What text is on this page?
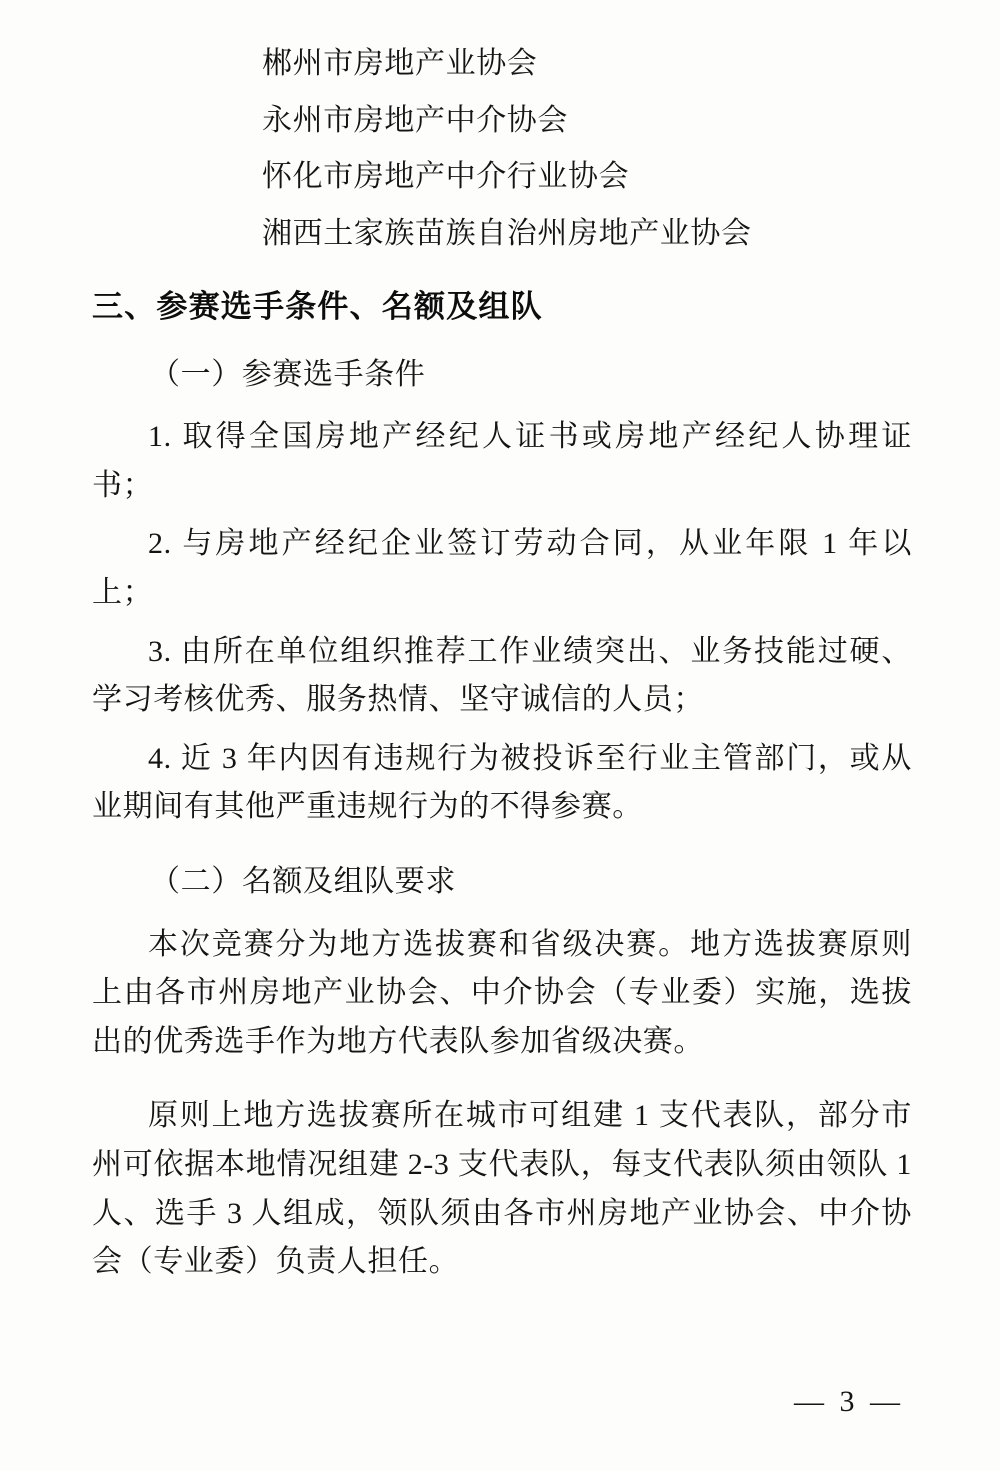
郴州市房地产业协会

永州市房地产中介协会

怀化市房地产中介行业协会

湘西土家族苗族自治州房地产业协会

三、参赛选手条件、名额及组队

（一）参赛选手条件

1. 取得全国房地产经纪人证书或房地产经纪人协理证书；

2. 与房地产经纪企业签订劳动合同，从业年限 1 年以上；

3. 由所在单位组织推荐工作业绩突出、业务技能过硬、学习考核优秀、服务热情、坚守诚信的人员；

4. 近 3 年内因有违规行为被投诉至行业主管部门，或从业期间有其他严重违规行为的不得参赛。

（二）名额及组队要求

本次竞赛分为地方选拔赛和省级决赛。地方选拔赛原则上由各市州房地产业协会、中介协会（专业委）实施，选拔出的优秀选手作为地方代表队参加省级决赛。

原则上地方选拔赛所在城市可组建 1 支代表队，部分市州可依据本地情况组建 2-3 支代表队，每支代表队须由领队 1 人、选手 3 人组成，领队须由各市州房地产业协会、中介协会（专业委）负责人担任。

— 3 —
